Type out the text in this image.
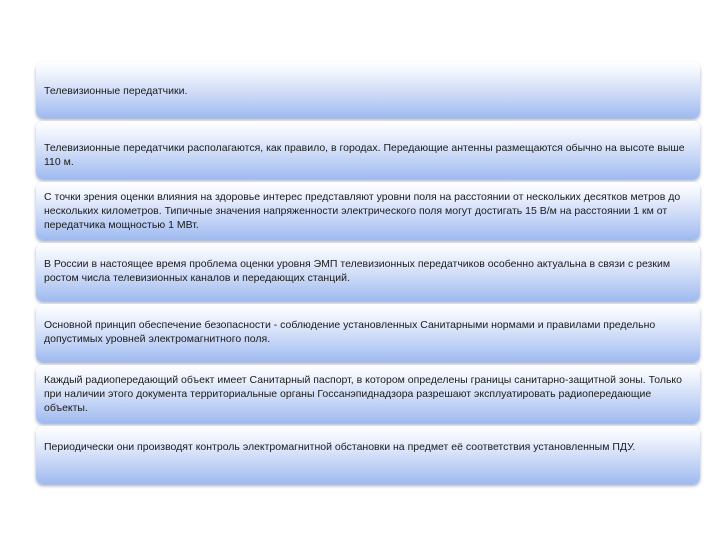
Телевизионные передатчики.
Телевизионные передатчики располагаются, как правило, в городах. Передающие антенны размещаются обычно на высоте выше 110 м.
С точки зрения оценки влияния на здоровье интерес представляют уровни поля на расстоянии от нескольких десятков метров до нескольких километров. Типичные значения напряженности электрического поля могут достигать 15 В/м на расстоянии 1 км от передатчика мощностью 1 МВт.
В России в настоящее время проблема оценки уровня ЭМП телевизионных передатчиков особенно актуальна в связи с резким ростом числа телевизионных каналов и передающих станций.
Основной принцип обеспечение безопасности - соблюдение установленных Санитарными нормами и правилами предельно допустимых уровней электромагнитного поля.
Каждый радиопередающий объект имеет Санитарный паспорт, в котором определены границы санитарно-защитной зоны. Только при наличии этого документа территориальные органы Госсанэпиднадзора разрешают эксплуатировать радиопередающие объекты.
Периодически они производят контроль электромагнитной обстановки на предмет её соответствия установленным ПДУ.
